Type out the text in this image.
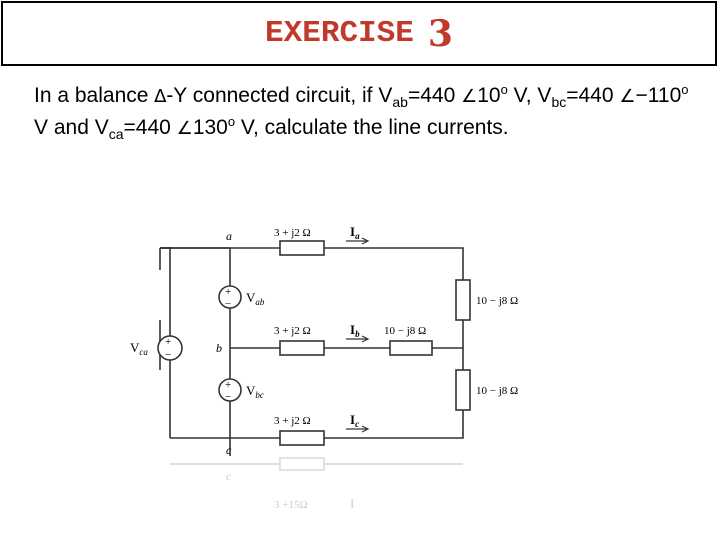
EXERCISE 3
In a balance ∆-Y connected circuit, if $V_{ab}=440$ ∠10$^o$ V, $V_{bc}=440$ $\angle-110^o$ V and $V_{ca}=440$ ∠130$^o$ V, calculate the line currents.
+
−
+
−
+
−
$V_{ab}$
$V_{bc}$
$V_{ca}$
a
b
c
3 + j2 Ω
3 + j2 Ω
3 + j2 Ω
10 − j8 Ω
10 − j8 Ω
10 − j8 Ω
$I_a$
$I_b$
$I_c$
c
3 +15Ω	I
